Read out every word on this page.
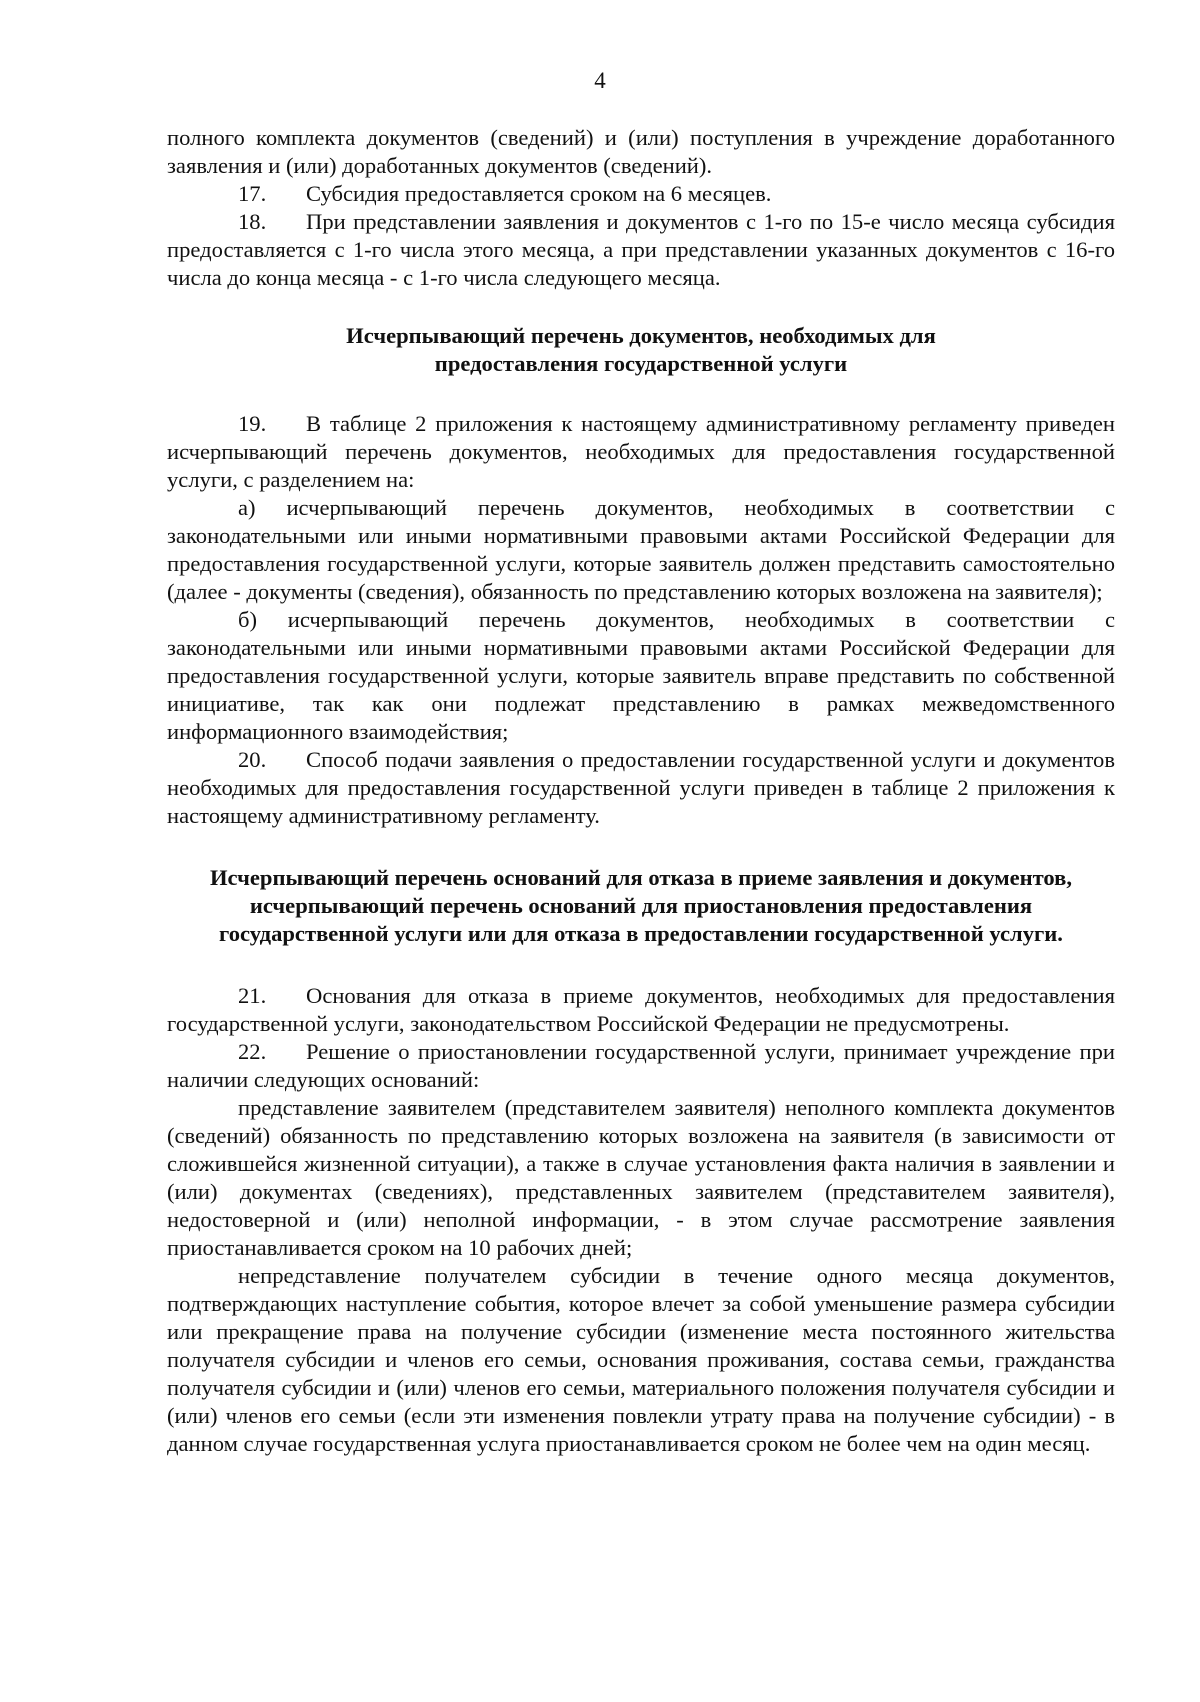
4

полного комплекта документов (сведений) и (или) поступления в учреждение доработанного заявления и (или) доработанных документов (сведений).

17. Субсидия предоставляется сроком на 6 месяцев.

18. При представлении заявления и документов с 1-го по 15-е число месяца субсидия предоставляется с 1-го числа этого месяца, а при представлении указанных документов с 16-го числа до конца месяца - с 1-го числа следующего месяца.

Исчерпывающий перечень документов, необходимых для предоставления государственной услуги

19. В таблице 2 приложения к настоящему административному регламенту приведен исчерпывающий перечень документов, необходимых для предоставления государственной услуги, с разделением на:

а) исчерпывающий перечень документов, необходимых в соответствии с законодательными или иными нормативными правовыми актами Российской Федерации для предоставления государственной услуги, которые заявитель должен представить самостоятельно (далее - документы (сведения), обязанность по представлению которых возложена на заявителя);

б) исчерпывающий перечень документов, необходимых в соответствии с законодательными или иными нормативными правовыми актами Российской Федерации для предоставления государственной услуги, которые заявитель вправе представить по собственной инициативе, так как они подлежат представлению в рамках межведомственного информационного взаимодействия;

20. Способ подачи заявления о предоставлении государственной услуги и документов необходимых для предоставления государственной услуги приведен в таблице 2 приложения к настоящему административному регламенту.

Исчерпывающий перечень оснований для отказа в приеме заявления и документов, исчерпывающий перечень оснований для приостановления предоставления государственной услуги или для отказа в предоставлении государственной услуги.

21. Основания для отказа в приеме документов, необходимых для предоставления государственной услуги, законодательством Российской Федерации не предусмотрены.

22. Решение о приостановлении государственной услуги, принимает учреждение при наличии следующих оснований:

представление заявителем (представителем заявителя) неполного комплекта документов (сведений) обязанность по представлению которых возложена на заявителя (в зависимости от сложившейся жизненной ситуации), а также в случае установления факта наличия в заявлении и (или) документах (сведениях), представленных заявителем (представителем заявителя), недостоверной и (или) неполной информации, - в этом случае рассмотрение заявления приостанавливается сроком на 10 рабочих дней;

непредставление получателем субсидии в течение одного месяца документов, подтверждающих наступление события, которое влечет за собой уменьшение размера субсидии или прекращение права на получение субсидии (изменение места постоянного жительства получателя субсидии и членов его семьи, основания проживания, состава семьи, гражданства получателя субсидии и (или) членов его семьи, материального положения получателя субсидии и (или) членов его семьи (если эти изменения повлекли утрату права на получение субсидии) - в данном случае государственная услуга приостанавливается сроком не более чем на один месяц.
